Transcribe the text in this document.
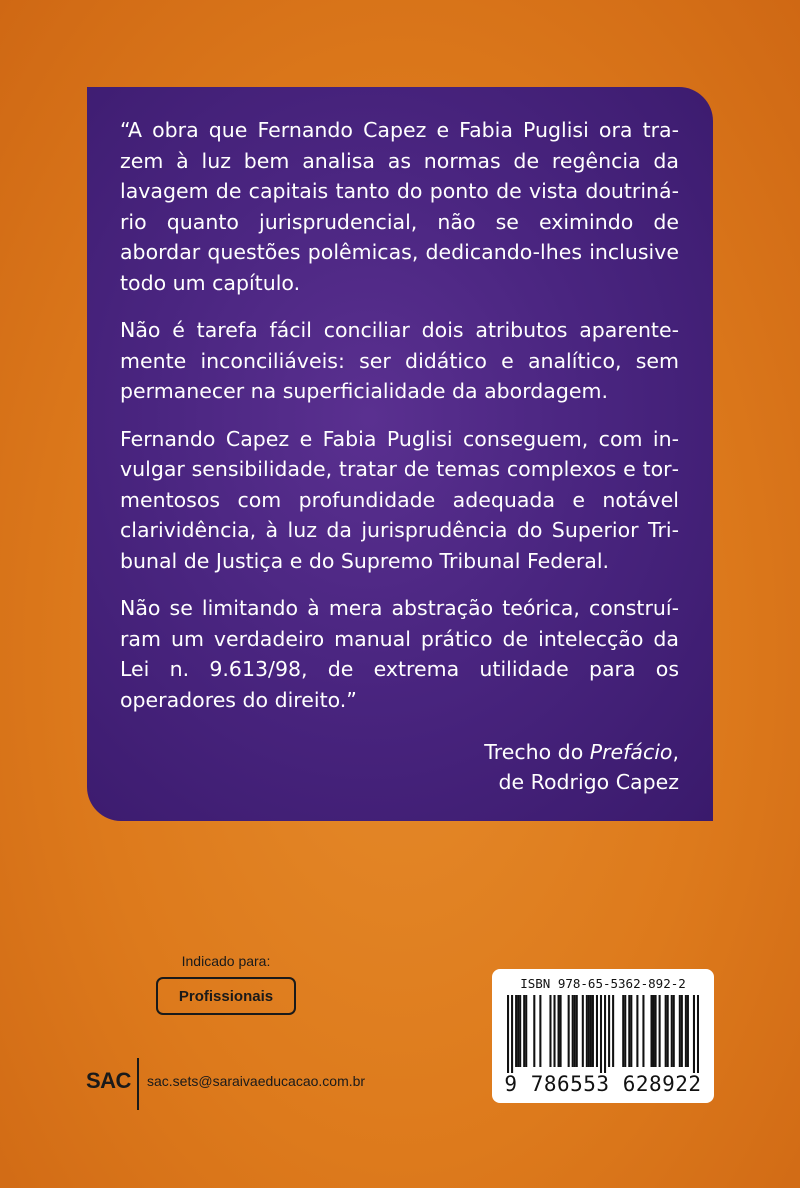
“A obra que Fernando Capez e Fabia Puglisi ora trazem à luz bem analisa as normas de regência da lavagem de capitais tanto do ponto de vista doutrinário quanto jurisprudencial, não se eximindo de abordar questões polêmicas, dedicando-lhes inclusive todo um capítulo.

Não é tarefa fácil conciliar dois atributos aparentemente inconciliáveis: ser didático e analítico, sem permanecer na superficialidade da abordagem.

Fernando Capez e Fabia Puglisi conseguem, com invulgar sensibilidade, tratar de temas complexos e tormentosos com profundidade adequada e notável clarividência, à luz da jurisprudência do Superior Tribunal de Justiça e do Supremo Tribunal Federal.

Não se limitando à mera abstração teórica, construíram um verdadeiro manual prático de intelecção da Lei n. 9.613/98, de extrema utilidade para os operadores do direito.”

Trecho do Prefácio,
de Rodrigo Capez
Indicado para:
Profissionais
SAC sac.sets@saraivaeducacao.com.br
ISBN 978-65-5362-892-2
9 786553 628922
